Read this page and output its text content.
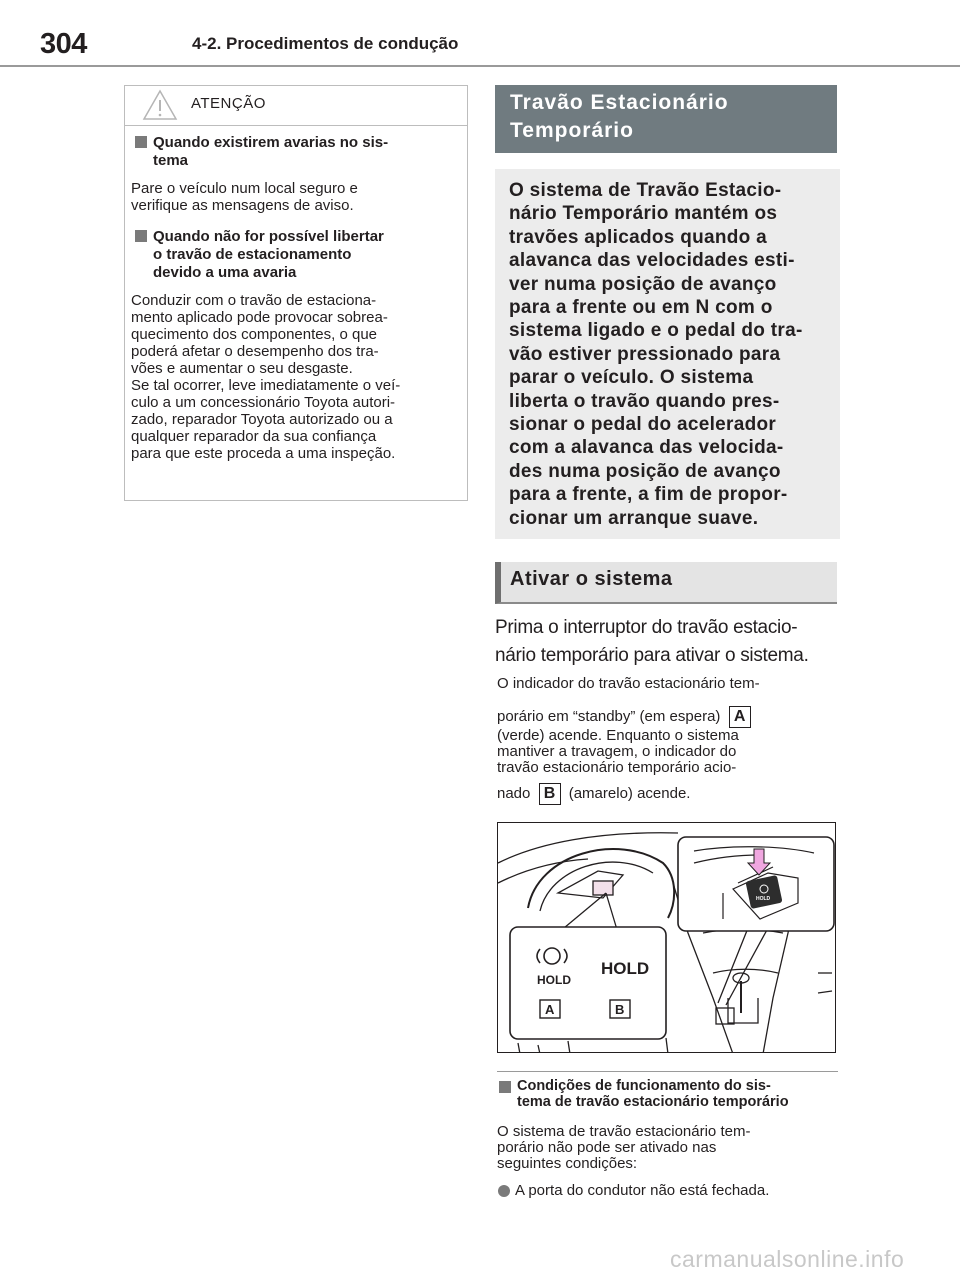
304	4-2. Procedimentos de condução
ATENÇÃO
Quando existirem avarias no sis-
tema
Pare o veículo num local seguro e
verifique as mensagens de aviso.
Quando não for possível libertar
o travão de estacionamento
devido a uma avaria
Conduzir com o travão de estaciona-
mento aplicado pode provocar sobrea-
quecimento dos componentes, o que
poderá afetar o desempenho dos tra-
vões e aumentar o seu desgaste.
Se tal ocorrer, leve imediatamente o veí-
culo a um concessionário Toyota autori-
zado, reparador Toyota autorizado ou a
qualquer reparador da sua confiança
para que este proceda a uma inspeção.
Travão Estacionário
Temporário
O sistema de Travão Estacio-
nário Temporário mantém os
travões aplicados quando a
alavanca das velocidades esti-
ver numa posição de avanço
para a frente ou em N com o
sistema ligado e o pedal do tra-
vão estiver pressionado para
parar o veículo. O sistema
liberta o travão quando pres-
sionar o pedal do acelerador
com a alavanca das velocida-
des numa posição de avanço
para a frente, a fim de propor-
cionar um arranque suave.
Ativar o sistema
Prima o interruptor do travão estacio-
nário temporário para ativar o sistema.
O indicador do travão estacionário tem-
porário em “standby” (em espera) A
(verde) acende. Enquanto o sistema
mantiver a travagem, o indicador do
travão estacionário temporário acio-
nado B (amarelo) acende.
HOLD
HOLD
HOLD
A	B
Condições de funcionamento do sis-
tema de travão estacionário temporário
O sistema de travão estacionário tem-
porário não pode ser ativado nas
seguintes condições:
A porta do condutor não está fechada.
carmanualsonline.info
